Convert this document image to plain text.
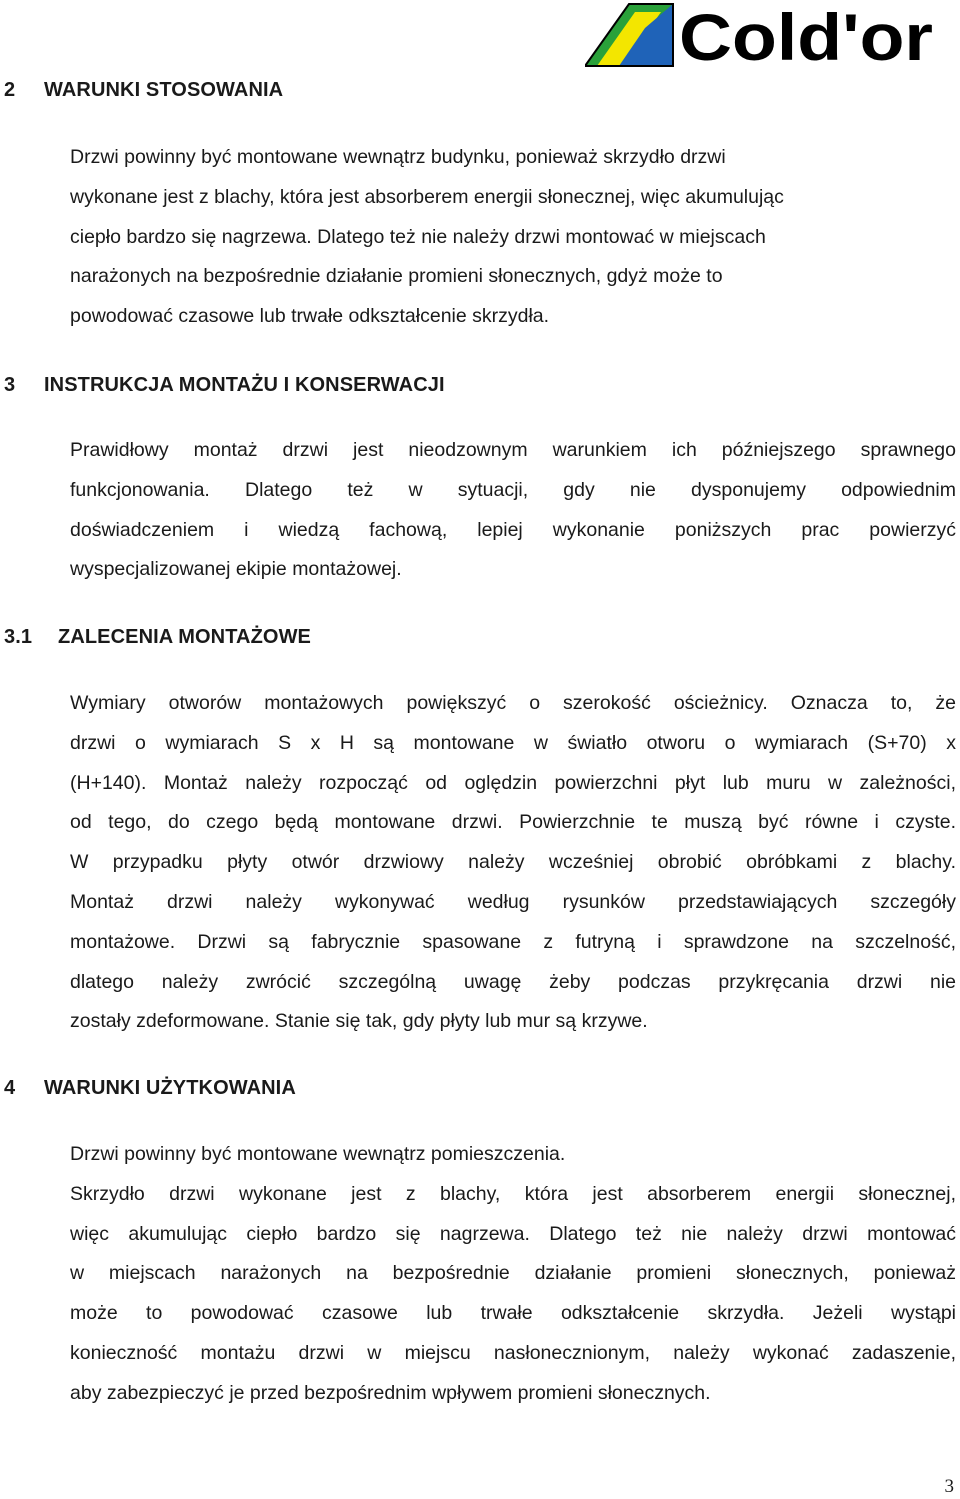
Cold'or
2 WARUNKI STOSOWANIA
Drzwi powinny być montowane wewnątrz budynku, ponieważ skrzydło drzwi
wykonane jest z blachy, która jest absorberem energii słonecznej, więc akumulując
ciepło bardzo się nagrzewa. Dlatego też nie należy drzwi montować w miejscach
narażonych na bezpośrednie działanie promieni słonecznych, gdyż może to
powodować czasowe lub trwałe odkształcenie skrzydła.
3 INSTRUKCJA MONTAŻU I KONSERWACJI
Prawidłowy montaż drzwi jest nieodzownym warunkiem ich późniejszego sprawnego
funkcjonowania. Dlatego też w sytuacji, gdy nie dysponujemy odpowiednim
doświadczeniem i wiedzą fachową, lepiej wykonanie poniższych prac powierzyć
wyspecjalizowanej ekipie montażowej.
3.1 ZALECENIA MONTAŻOWE
Wymiary otworów montażowych powiększyć o szerokość ościeżnicy. Oznacza to, że
drzwi o wymiarach S x H są montowane w światło otworu o wymiarach (S+70) x
(H+140). Montaż należy rozpocząć od oględzin powierzchni płyt lub muru w zależności,
od tego, do czego będą montowane drzwi. Powierzchnie te muszą być równe i czyste.
W przypadku płyty otwór drzwiowy należy wcześniej obrobić obróbkami z blachy.
Montaż drzwi należy wykonywać według rysunków przedstawiających szczegóły
montażowe. Drzwi są fabrycznie spasowane z futryną i sprawdzone na szczelność,
dlatego należy zwrócić szczególną uwagę żeby podczas przykręcania drzwi nie
zostały zdeformowane. Stanie się tak, gdy płyty lub mur są krzywe.
4 WARUNKI UŻYTKOWANIA
Drzwi powinny być montowane wewnątrz pomieszczenia.
Skrzydło drzwi wykonane jest z blachy, która jest absorberem energii słonecznej,
więc akumulując ciepło bardzo się nagrzewa. Dlatego też nie należy drzwi montować
w miejscach narażonych na bezpośrednie działanie promieni słonecznych, ponieważ
może to powodować czasowe lub trwałe odkształcenie skrzydła. Jeżeli wystąpi
konieczność montażu drzwi w miejscu nasłonecznionym, należy wykonać zadaszenie,
aby zabezpieczyć je przed bezpośrednim wpływem promieni słonecznych.
3
